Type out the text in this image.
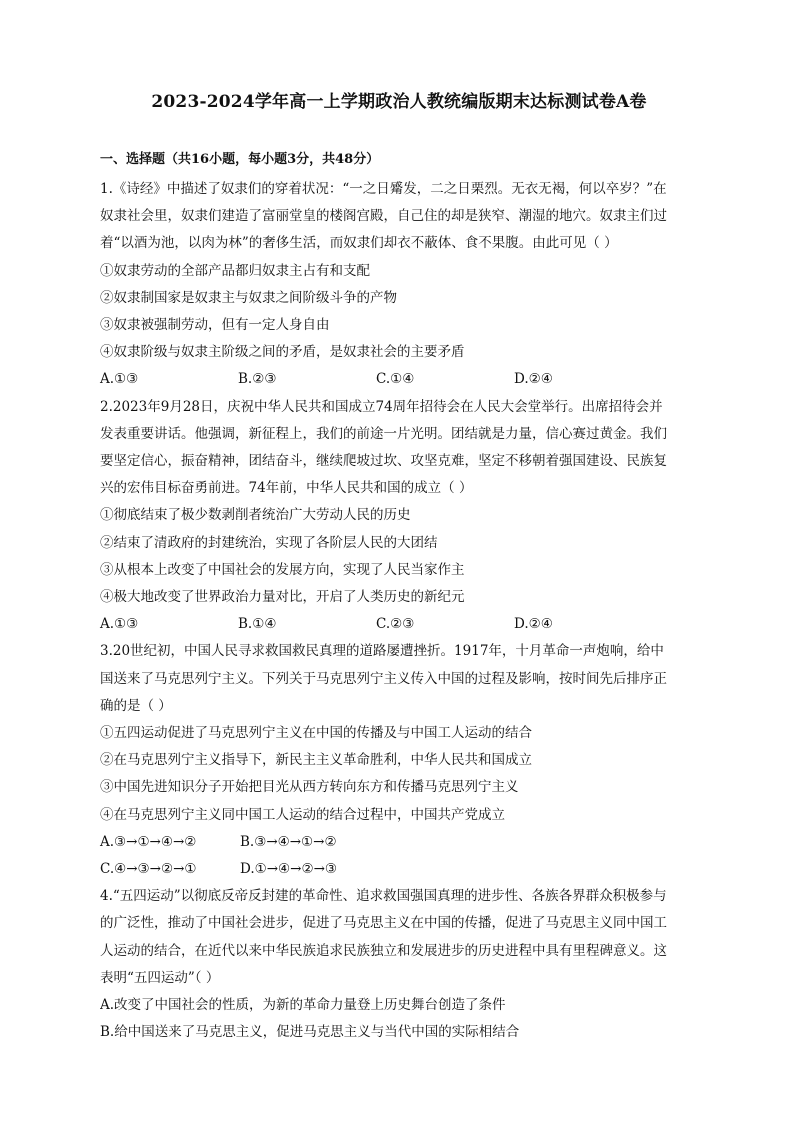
2023-2024学年高一上学期政治人教统编版期末达标测试卷A卷
一、选择题（共16小题，每小题3分，共48分）
1.《诗经》中描述了奴隶们的穿着状况：“一之日觱发，二之日栗烈。无衣无褐，何以卒岁？”在
奴隶社会里，奴隶们建造了富丽堂皇的楼阁宫殿，自己住的却是狭窄、潮湿的地穴。奴隶主们过
着“以酒为池，以肉为林”的奢侈生活，而奴隶们却衣不蔽体、食不果腹。由此可见（ ）
①奴隶劳动的全部产品都归奴隶主占有和支配
②奴隶制国家是奴隶主与奴隶之间阶级斗争的产物
③奴隶被强制劳动，但有一定人身自由
④奴隶阶级与奴隶主阶级之间的矛盾，是奴隶社会的主要矛盾
A.①③	B.②③	C.①④	D.②④
2.2023年9月28日，庆祝中华人民共和国成立74周年招待会在人民大会堂举行。出席招待会并
发表重要讲话。他强调，新征程上，我们的前途一片光明。团结就是力量，信心赛过黄金。我们
要坚定信心，振奋精神，团结奋斗，继续爬坡过坎、攻坚克难，坚定不移朝着强国建设、民族复
兴的宏伟目标奋勇前进。74年前，中华人民共和国的成立（ ）
①彻底结束了极少数剥削者统治广大劳动人民的历史
②结束了清政府的封建统治，实现了各阶层人民的大团结
③从根本上改变了中国社会的发展方向，实现了人民当家作主
④极大地改变了世界政治力量对比，开启了人类历史的新纪元
A.①③	B.①④	C.②③	D.②④
3.20世纪初，中国人民寻求救国救民真理的道路屡遭挫折。1917年，十月革命一声炮响，给中
国送来了马克思列宁主义。下列关于马克思列宁主义传入中国的过程及影响，按时间先后排序正
确的是（ ）
①五四运动促进了马克思列宁主义在中国的传播及与中国工人运动的结合
②在马克思列宁主义指导下，新民主主义革命胜利，中华人民共和国成立
③中国先进知识分子开始把目光从西方转向东方和传播马克思列宁主义
④在马克思列宁主义同中国工人运动的结合过程中，中国共产党成立
A.③→①→④→②	B.③→④→①→②
C.④→③→②→①	D.①→④→②→③
4.“五四运动”以彻底反帝反封建的革命性、追求救国强国真理的进步性、各族各界群众积极参与
的广泛性，推动了中国社会进步，促进了马克思主义在中国的传播，促进了马克思主义同中国工
人运动的结合，在近代以来中华民族追求民族独立和发展进步的历史进程中具有里程碑意义。这
表明“五四运动”（ ）
A.改变了中国社会的性质，为新的革命力量登上历史舞台创造了条件
B.给中国送来了马克思主义，促进马克思主义与当代中国的实际相结合
